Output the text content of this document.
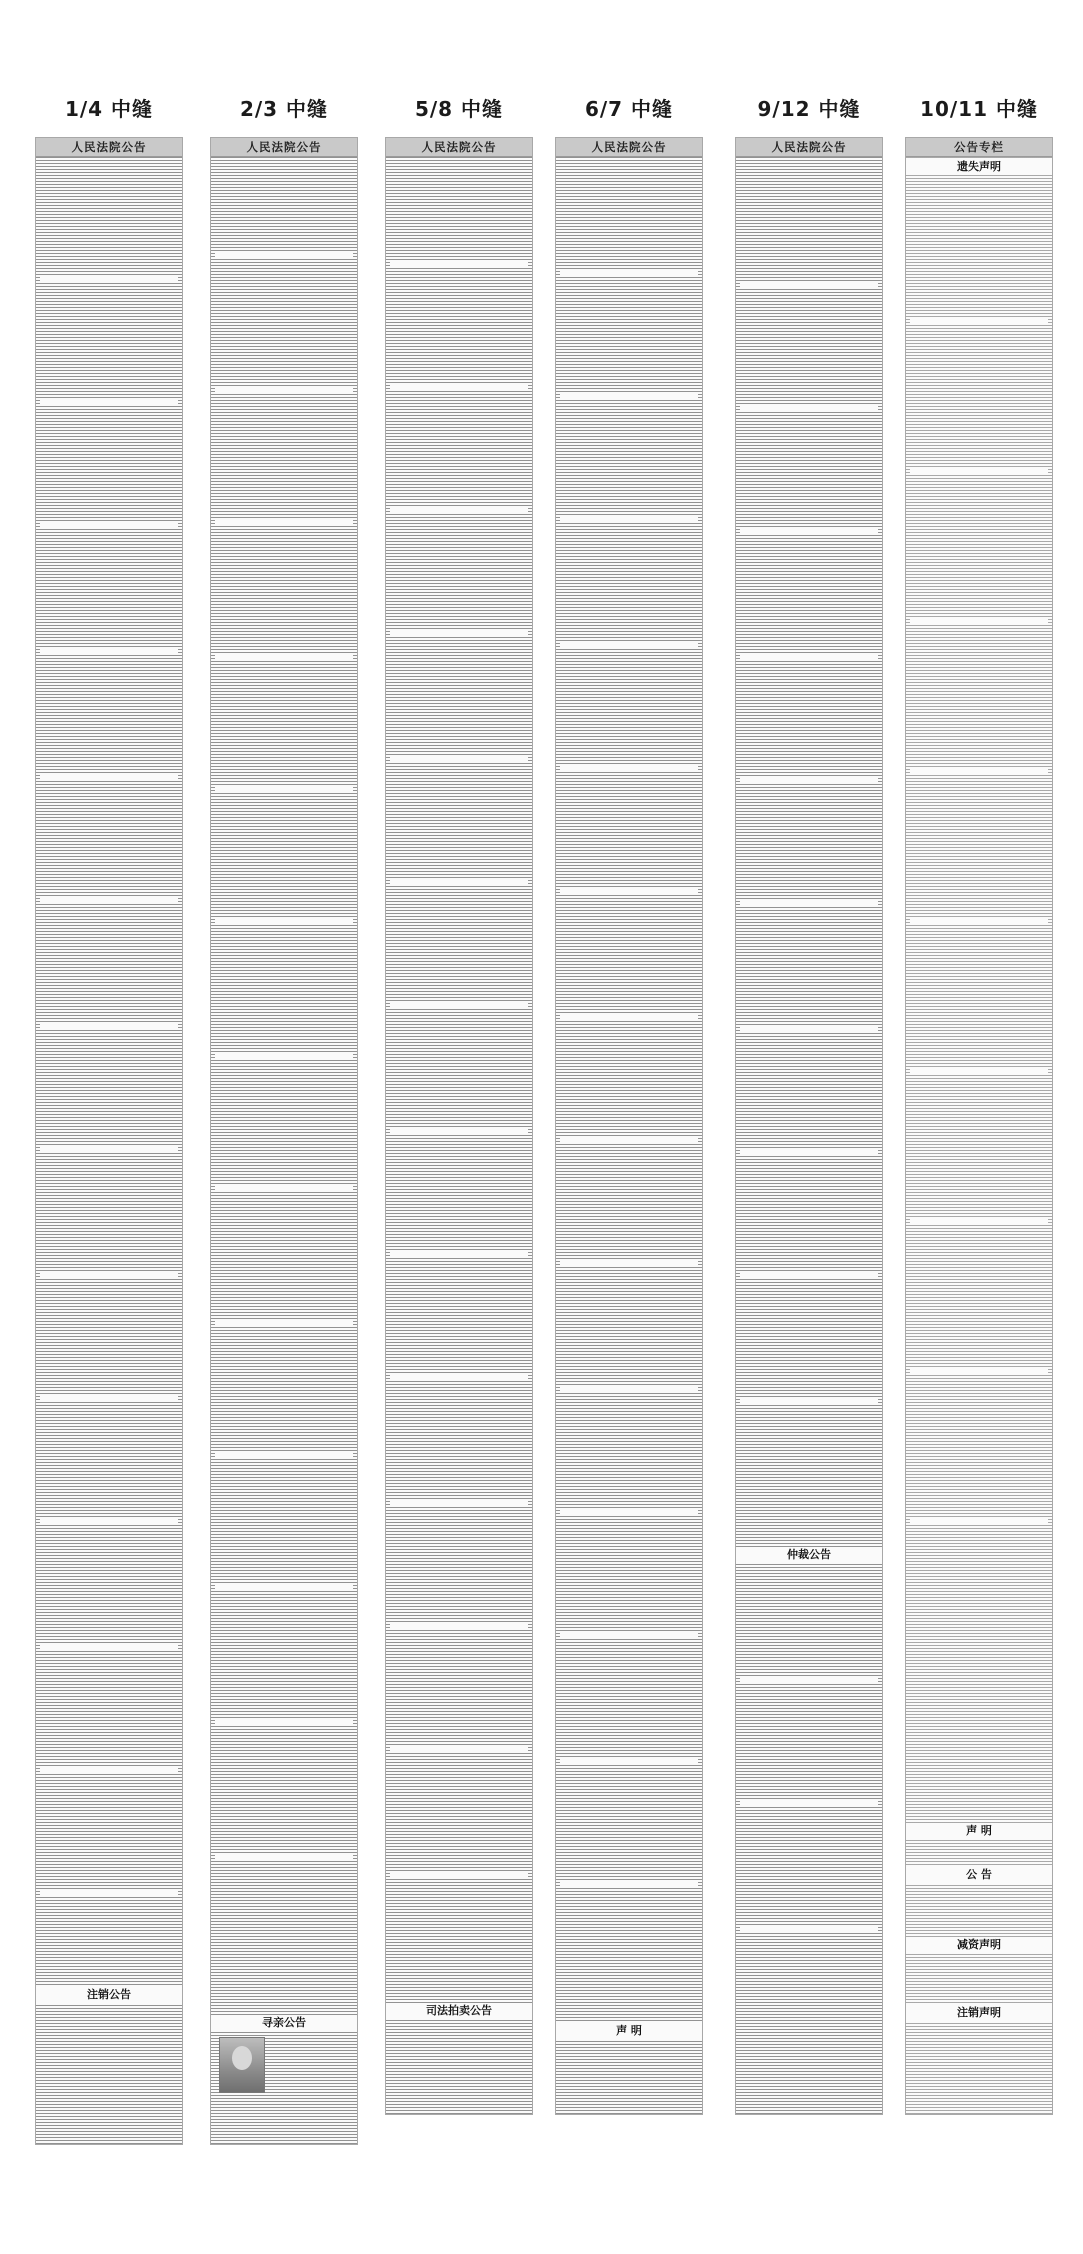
1/4 中缝
人民法院公告
注销公告
2/3 中缝
人民法院公告
寻亲公告
5/8 中缝
人民法院公告
司法拍卖公告
6/7 中缝
人民法院公告
声 明
9/12 中缝
人民法院公告
仲裁公告
10/11 中缝
公告专栏
遗失声明
声 明
公 告
减资声明
注销声明
